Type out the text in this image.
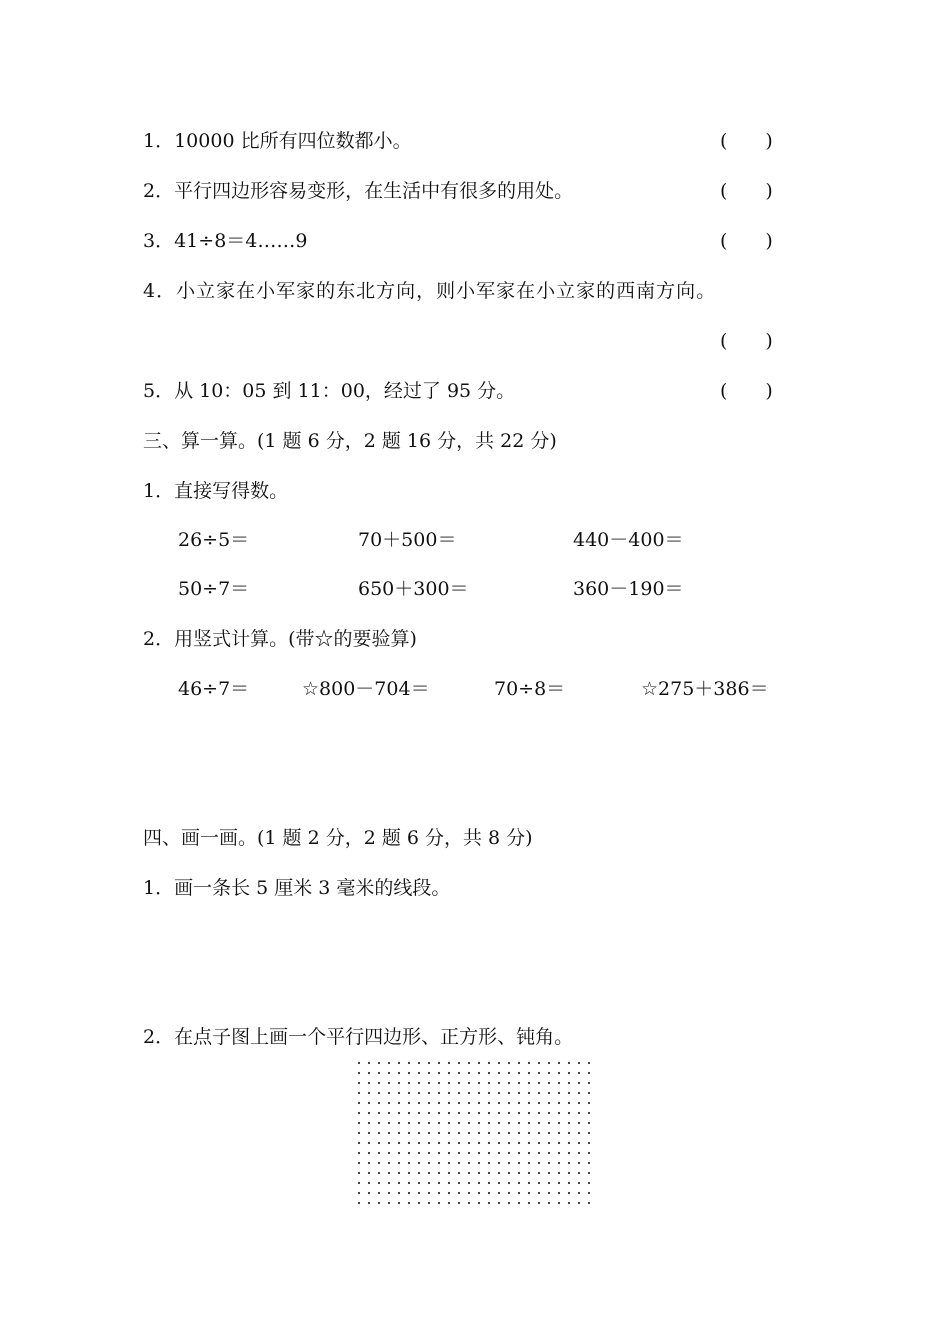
1．10000 比所有四位数都小。	(　　)
2．平行四边形容易变形，在生活中有很多的用处。	(　　)
3．41÷8＝4……9	(　　)
4．小立家在小军家的东北方向，则小军家在小立家的西南方向。
(　　)
5．从 10：05 到 11：00，经过了 95 分。	(　　)
三、算一算。(1 题 6 分，2 题 16 分，共 22 分)
1．直接写得数。
26÷5＝	70＋500＝	440－400＝
50÷7＝	650＋300＝	360－190＝
2．用竖式计算。(带☆的要验算)
46÷7＝	☆800－704＝	70÷8＝	☆275＋386＝
四、画一画。(1 题 2 分，2 题 6 分，共 8 分)
1．画一条长 5 厘米 3 毫米的线段。
2．在点子图上画一个平行四边形、正方形、钝角。
